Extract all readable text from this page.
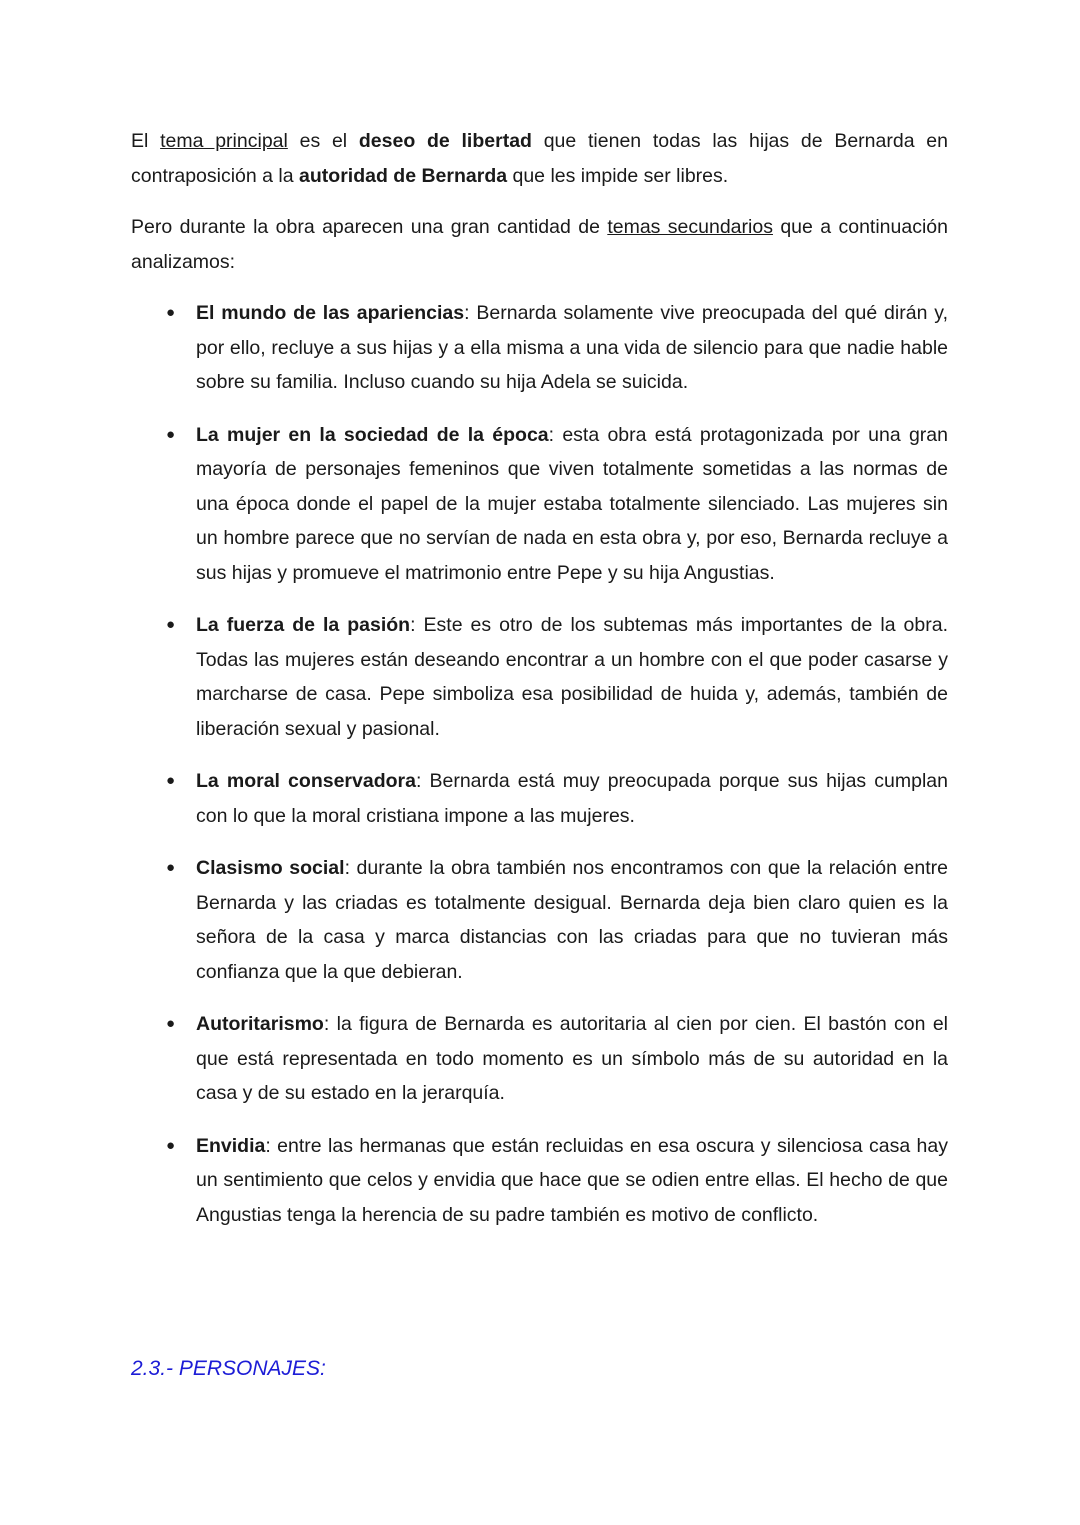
El tema principal es el deseo de libertad que tienen todas las hijas de Bernarda en contraposición a la autoridad de Bernarda que les impide ser libres.

Pero durante la obra aparecen una gran cantidad de temas secundarios que a continuación analizamos:

● El mundo de las apariencias: Bernarda solamente vive preocupada del qué dirán y, por ello, recluye a sus hijas y a ella misma a una vida de silencio para que nadie hable sobre su familia. Incluso cuando su hija Adela se suicida.
● La mujer en la sociedad de la época: esta obra está protagonizada por una gran mayoría de personajes femeninos que viven totalmente sometidas a las normas de una época donde el papel de la mujer estaba totalmente silenciado. Las mujeres sin un hombre parece que no servían de nada en esta obra y, por eso, Bernarda recluye a sus hijas y promueve el matrimonio entre Pepe y su hija Angustias.
● La fuerza de la pasión: Este es otro de los subtemas más importantes de la obra. Todas las mujeres están deseando encontrar a un hombre con el que poder casarse y marcharse de casa. Pepe simboliza esa posibilidad de huida y, además, también de liberación sexual y pasional.
● La moral conservadora: Bernarda está muy preocupada porque sus hijas cumplan con lo que la moral cristiana impone a las mujeres.
● Clasismo social: durante la obra también nos encontramos con que la relación entre Bernarda y las criadas es totalmente desigual. Bernarda deja bien claro quien es la señora de la casa y marca distancias con las criadas para que no tuvieran más confianza que la que debieran.
● Autoritarismo: la figura de Bernarda es autoritaria al cien por cien. El bastón con el que está representada en todo momento es un símbolo más de su autoridad en la casa y de su estado en la jerarquía.
● Envidia: entre las hermanas que están recluidas en esa oscura y silenciosa casa hay un sentimiento que celos y envidia que hace que se odien entre ellas. El hecho de que Angustias tenga la herencia de su padre también es motivo de conflicto.
2.3.- PERSONAJES:
